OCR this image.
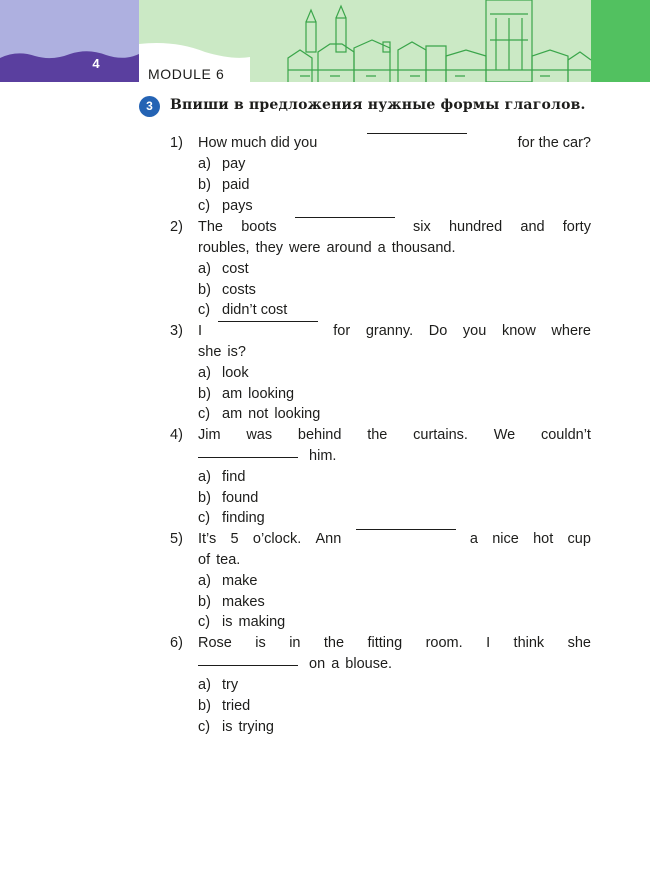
4
MODULE 6
3	Впиши в предложения нужные формы глаголов.
1) How much did you	for the car?
a) pay
b) paid
c) pays
2) The boots	six hundred and forty
roubles, they were around a thousand.
a) cost
b) costs
c) didn’t cost
3) I	for granny. Do you know where
she is?
a) look
b) am looking
c) am not looking
4) Jim was behind the curtains. We couldn’t
him.
a) find
b) found
c) finding
5) It’s 5 o’clock. Ann	a nice hot cup
of tea.
a) make
b) makes
c) is making
6) Rose is in the fitting room. I think she
on a blouse.
a) try
b) tried
c) is trying
